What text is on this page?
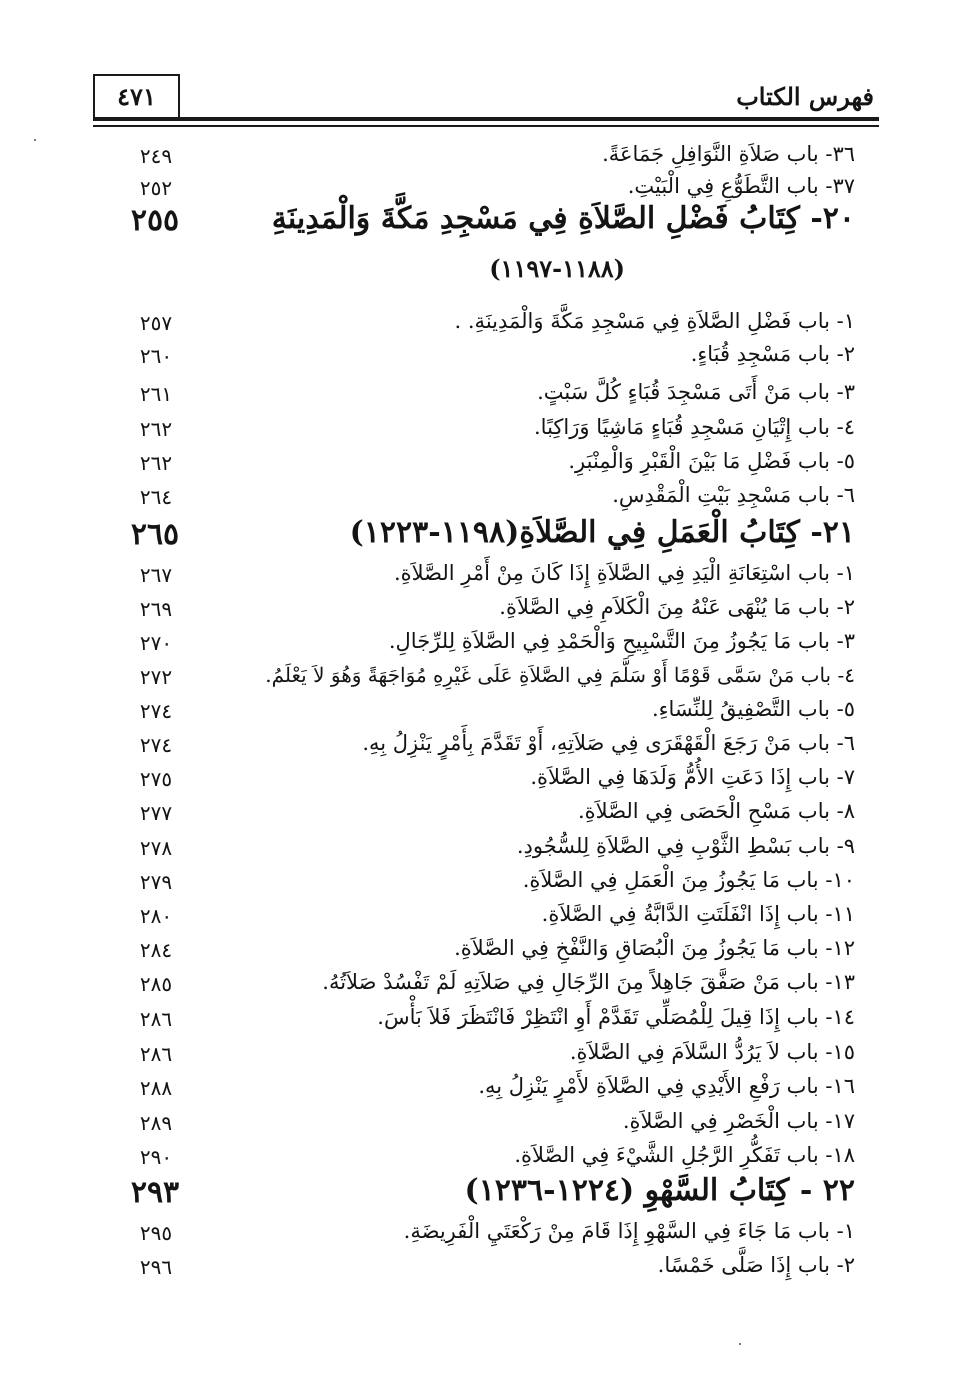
٤٧١	فهرس الكتاب
٢٤٩	٣٦- باب صَلاَةِ النَّوَافِلِ جَمَاعَةً.
٢٥٢	٣٧- باب التَّطَوُّعِ فِي الْبَيْتِ.
٢٥٥	٢٠- كِتَابُ فَضْلِ الصَّلاَةِ فِي مَسْجِدِ مَكَّةَ وَالْمَدِينَةِ
(١١٨٨-١١٩٧)
٢٥٧	١- باب فَضْلِ الصَّلاَةِ فِي مَسْجِدِ مَكَّةَ وَالْمَدِينَةِ. .
٢٦٠	٢- باب مَسْجِدِ قُبَاءٍ.
٢٦١	٣- باب مَنْ أَتَى مَسْجِدَ قُبَاءٍ كُلَّ سَبْتٍ.
٢٦٢	٤- باب إِتْيَانِ مَسْجِدِ قُبَاءٍ مَاشِيًا وَرَاكِبًا.
٢٦٢	٥- باب فَضْلِ مَا بَيْنَ الْقَبْرِ وَالْمِنْبَرِ.
٢٦٤	٦- باب مَسْجِدِ بَيْتِ الْمَقْدِسِ.
٢٦٥	٢١- كِتَابُ الْعَمَلِ فِي الصَّلاَةِ(١١٩٨-١٢٢٣)
٢٦٧	١- باب اسْتِعَانَةِ الْيَدِ فِي الصَّلاَةِ إِذَا كَانَ مِنْ أَمْرِ الصَّلاَةِ.
٢٦٩	٢- باب مَا يُنْهَى عَنْهُ مِنَ الْكَلاَمِ فِي الصَّلاَةِ.
٢٧٠	٣- باب مَا يَجُوزُ مِنَ التَّسْبِيحِ وَالْحَمْدِ فِي الصَّلاَةِ لِلرِّجَالِ.
٢٧٢	٤- باب مَنْ سَمَّى قَوْمًا أَوْ سَلَّمَ فِي الصَّلاَةِ عَلَى غَيْرِهِ مُوَاجَهَةً وَهُوَ لاَ يَعْلَمُ.
٢٧٤	٥- باب التَّصْفِيقُ لِلنِّسَاءِ.
٢٧٤	٦- باب مَنْ رَجَعَ الْقَهْقَرَى فِي صَلاَتِهِ، أَوْ تَقَدَّمَ بِأَمْرٍ يَنْزِلُ بِهِ.
٢٧٥	٧- باب إِذَا دَعَتِ الأُمُّ وَلَدَهَا فِي الصَّلاَةِ.
٢٧٧	٨- باب مَسْحِ الْحَصَى فِي الصَّلاَةِ.
٢٧٨	٩- باب بَسْطِ الثَّوْبِ فِي الصَّلاَةِ لِلسُّجُودِ.
٢٧٩	١٠- باب مَا يَجُوزُ مِنَ الْعَمَلِ فِي الصَّلاَةِ.
٢٨٠	١١- باب إِذَا انْفَلَتَتِ الدَّابَّةُ فِي الصَّلاَةِ.
٢٨٤	١٢- باب مَا يَجُوزُ مِنَ الْبُصَاقِ وَالنَّفْخِ فِي الصَّلاَةِ.
٢٨٥	١٣- باب مَنْ صَفَّقَ جَاهِلاً مِنَ الرِّجَالِ فِي صَلاَتِهِ لَمْ تَفْسُدْ صَلاَتُهُ.
٢٨٦	١٤- باب إِذَا قِيلَ لِلْمُصَلِّي تَقَدَّمْ أَوِ انْتَظِرْ فَانْتَظَرَ فَلاَ بَأْسَ.
٢٨٦	١٥- باب لاَ يَرُدُّ السَّلاَمَ فِي الصَّلاَةِ.
٢٨٨	١٦- باب رَفْعِ الأَيْدِي فِي الصَّلاَةِ لأَمْرٍ يَنْزِلُ بِهِ.
٢٨٩	١٧- باب الْخَصْرِ فِي الصَّلاَةِ.
٢٩٠	١٨- باب تَفَكُّرِ الرَّجُلِ الشَّيْءَ فِي الصَّلاَةِ.
٢٩٣	٢٢ - كِتَابُ السَّهْوِ (١٢٢٤-١٢٣٦)
٢٩٥	١- باب مَا جَاءَ فِي السَّهْوِ إِذَا قَامَ مِنْ رَكْعَتَيِ الْفَرِيضَةِ.
٢٩٦	٢- باب إِذَا صَلَّى خَمْسًا.
